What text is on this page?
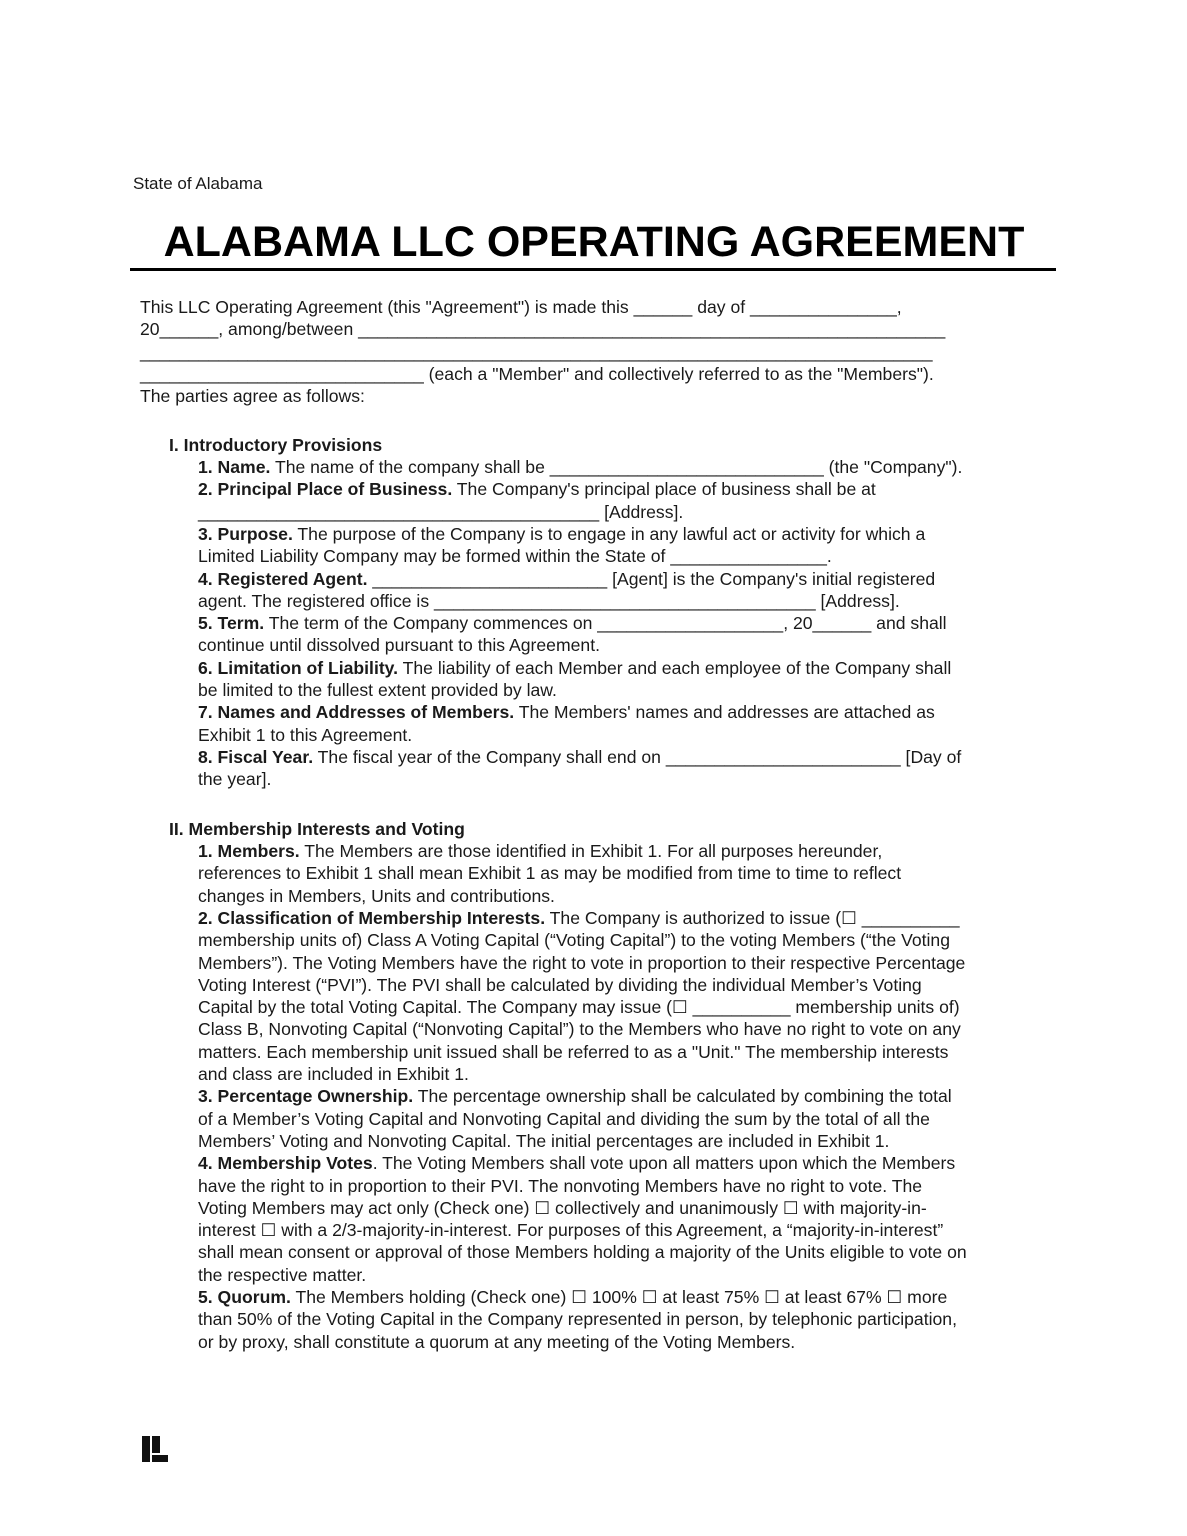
State of Alabama
ALABAMA LLC OPERATING AGREEMENT
This LLC Operating Agreement (this "Agreement") is made this ______ day of _______________,
20______, among/between ____________________________________________________________
_________________________________________________________________________________
_____________________________ (each a "Member" and collectively referred to as the "Members").
The parties agree as follows:
I. Introductory Provisions
1. Name. The name of the company shall be ____________________________ (the "Company").
2. Principal Place of Business. The Company's principal place of business shall be at
_________________________________________ [Address].
3. Purpose. The purpose of the Company is to engage in any lawful act or activity for which a
Limited Liability Company may be formed within the State of ________________.
4. Registered Agent. ________________________ [Agent] is the Company's initial registered
agent. The registered office is _______________________________________ [Address].
5. Term. The term of the Company commences on ___________________, 20______ and shall
continue until dissolved pursuant to this Agreement.
6. Limitation of Liability. The liability of each Member and each employee of the Company shall
be limited to the fullest extent provided by law.
7. Names and Addresses of Members. The Members' names and addresses are attached as
Exhibit 1 to this Agreement.
8. Fiscal Year. The fiscal year of the Company shall end on ________________________ [Day of
the year].
II. Membership Interests and Voting
1. Members. The Members are those identified in Exhibit 1. For all purposes hereunder,
references to Exhibit 1 shall mean Exhibit 1 as may be modified from time to time to reflect
changes in Members, Units and contributions.
2. Classification of Membership Interests. The Company is authorized to issue (☐ __________
membership units of) Class A Voting Capital (“Voting Capital”) to the voting Members (“the Voting
Members”). The Voting Members have the right to vote in proportion to their respective Percentage
Voting Interest (“PVI”). The PVI shall be calculated by dividing the individual Member’s Voting
Capital by the total Voting Capital. The Company may issue (☐ __________ membership units of)
Class B, Nonvoting Capital (“Nonvoting Capital”) to the Members who have no right to vote on any
matters. Each membership unit issued shall be referred to as a "Unit." The membership interests
and class are included in Exhibit 1.
3. Percentage Ownership. The percentage ownership shall be calculated by combining the total
of a Member’s Voting Capital and Nonvoting Capital and dividing the sum by the total of all the
Members’ Voting and Nonvoting Capital. The initial percentages are included in Exhibit 1.
4. Membership Votes. The Voting Members shall vote upon all matters upon which the Members
have the right to in proportion to their PVI. The nonvoting Members have no right to vote. The
Voting Members may act only (Check one) ☐ collectively and unanimously ☐ with majority-in-
interest ☐ with a 2/3-majority-in-interest. For purposes of this Agreement, a “majority-in-interest”
shall mean consent or approval of those Members holding a majority of the Units eligible to vote on
the respective matter.
5. Quorum. The Members holding (Check one) ☐ 100% ☐ at least 75% ☐ at least 67% ☐ more
than 50% of the Voting Capital in the Company represented in person, by telephonic participation,
or by proxy, shall constitute a quorum at any meeting of the Voting Members.
